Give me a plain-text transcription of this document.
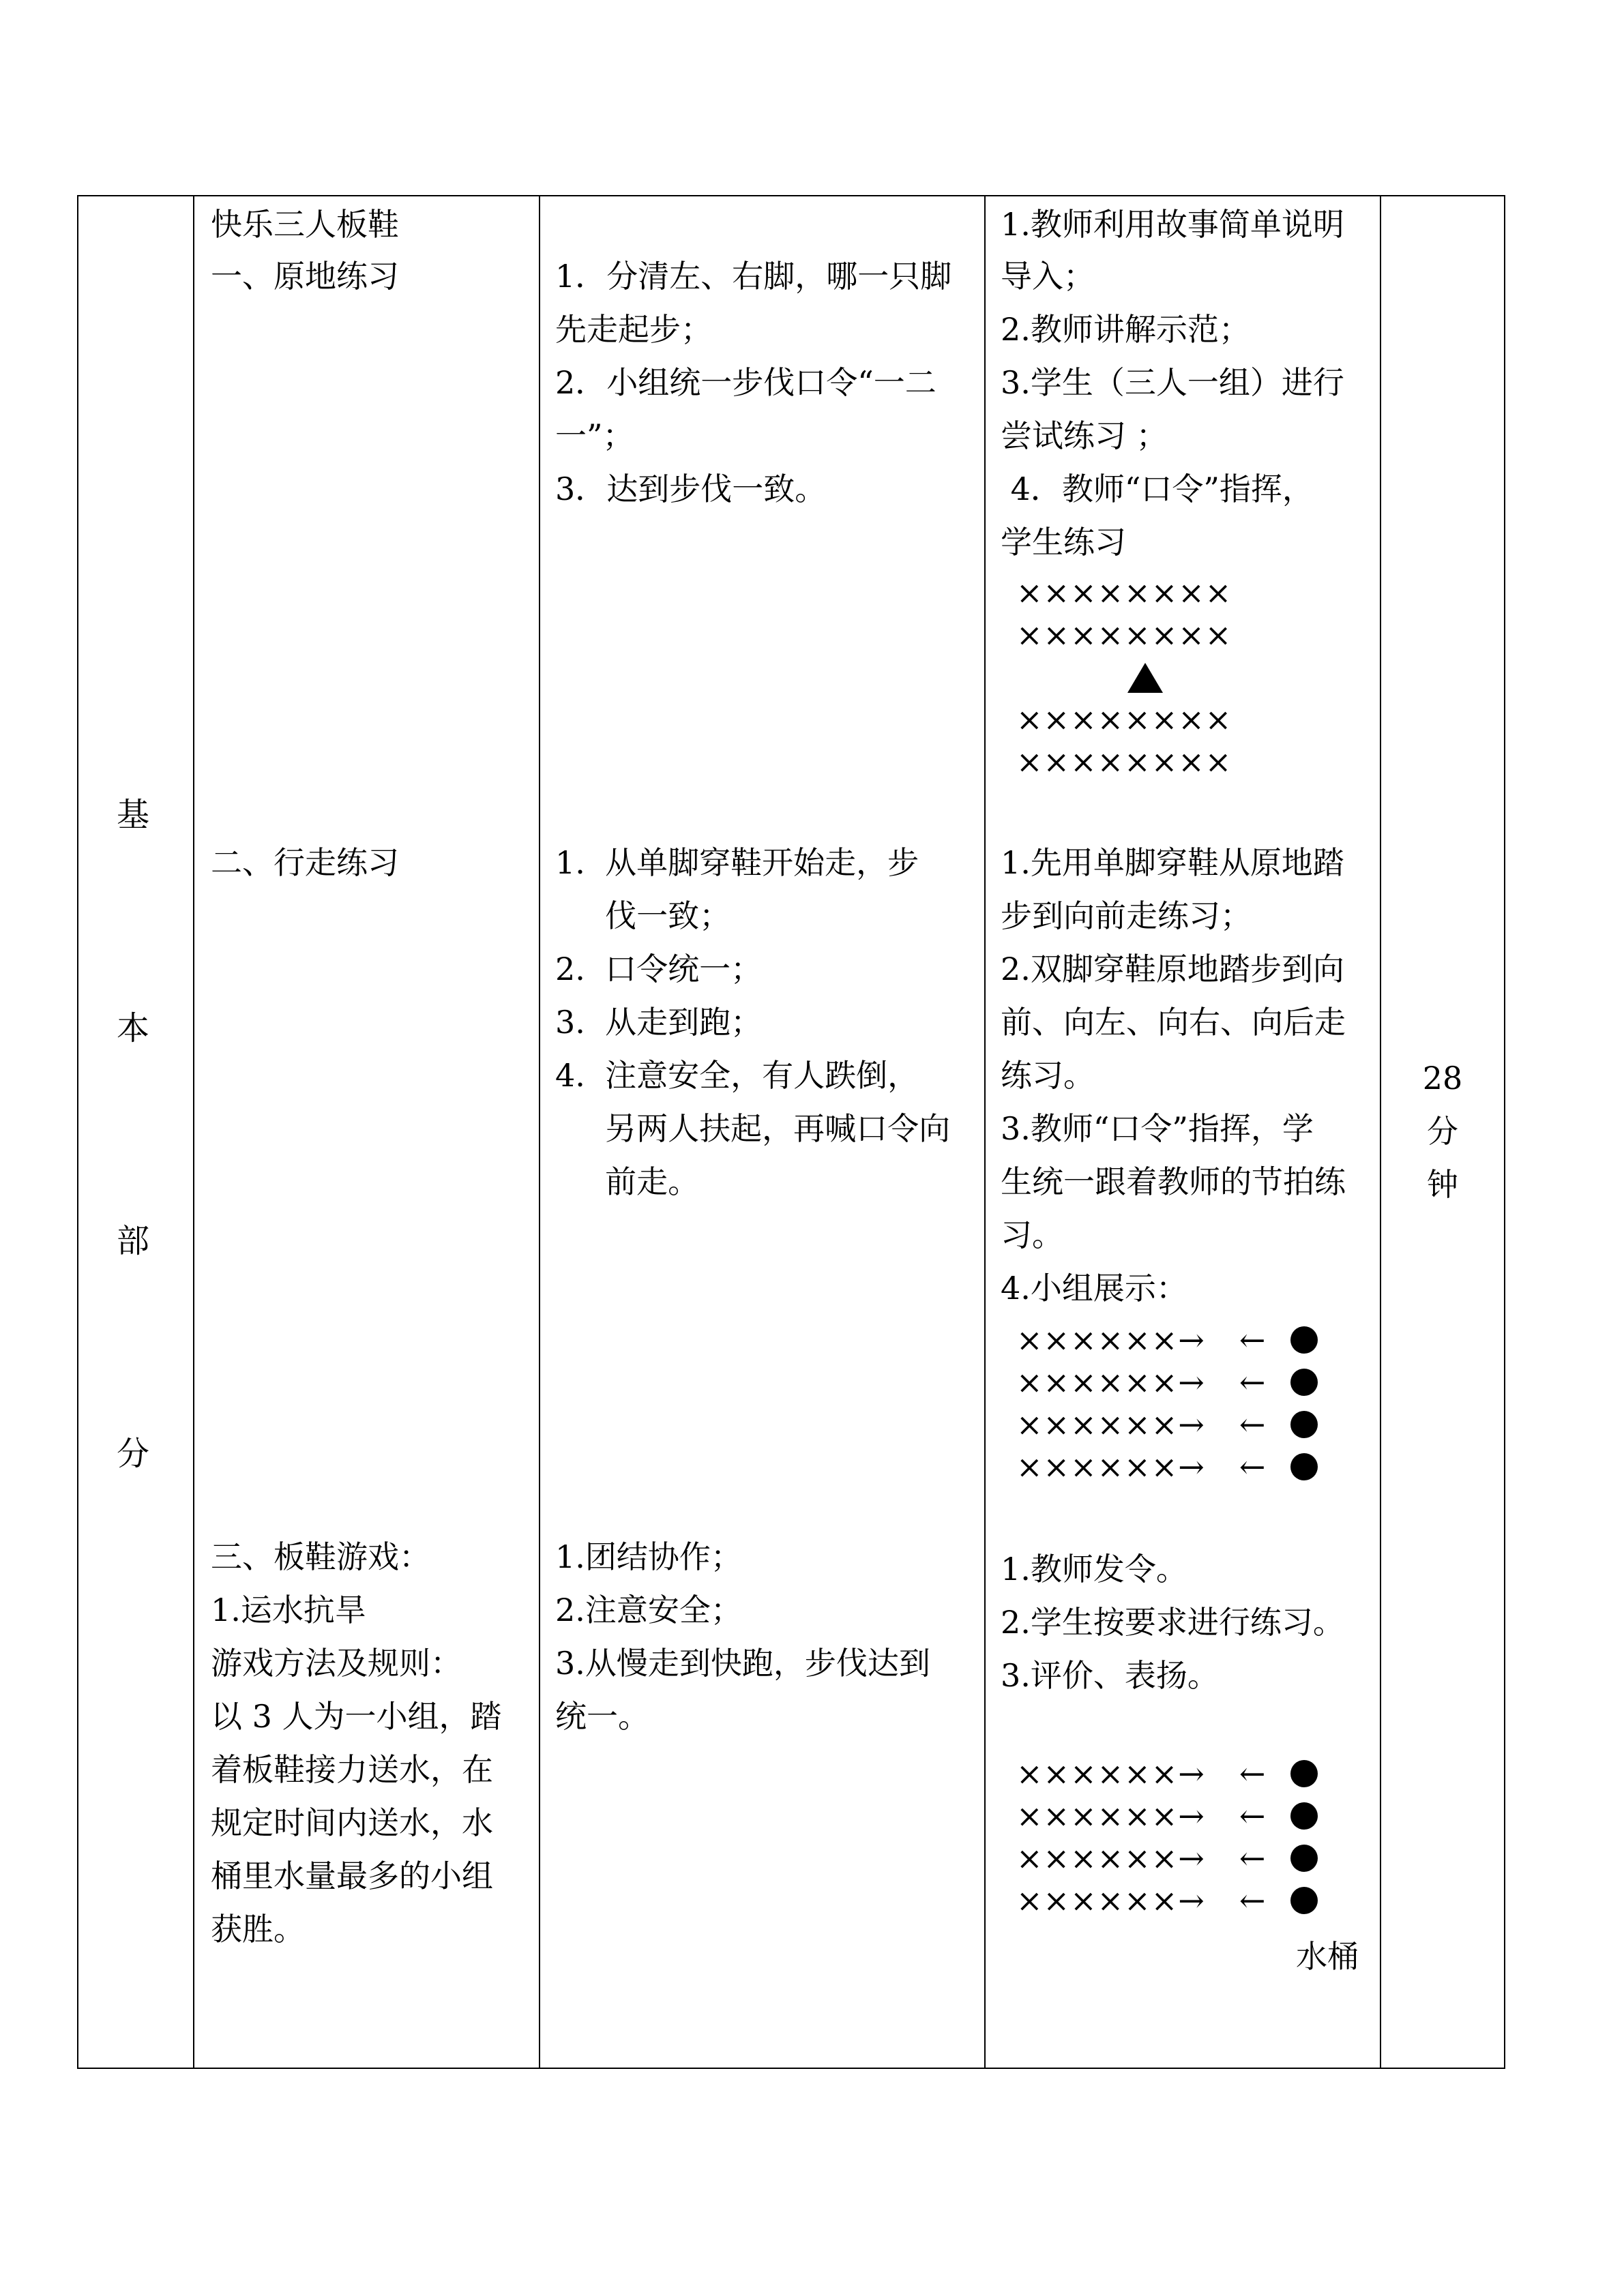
基
本
部
分
快乐三人板鞋
一、原地练习
二、行走练习
三、板鞋游戏：
1.运水抗旱
游戏方法及规则：
以 3 人为一小组，踏
着板鞋接力送水，在
规定时间内送水，水
桶里水量最多的小组
获胜。
1．分清左、右脚，哪一只脚
先走起步；
2．小组统一步伐口令“一二
一”；
3．达到步伐一致。
1.  从单脚穿鞋开始走，步
伐一致；
2.  口令统一；
3.  从走到跑；
4.  注意安全，有人跌倒，
另两人扶起，再喊口令向
前走。
1.团结协作；
2.注意安全；
3.从慢走到快跑，步伐达到
统一。
1.教师利用故事简单说明
导入；
2.教师讲解示范；
3.学生（三人一组）进行
尝试练习 ；
4．教师“口令”指挥，
学生练习
××××××××
××××××××
××××××××
××××××××
1.先用单脚穿鞋从原地踏
步到向前走练习；
2.双脚穿鞋原地踏步到向
前、向左、向右、向后走
练习。
3.教师“口令”指挥，学
生统一跟着教师的节拍练
习。
4.小组展示：
××××××→ ←
××××××→ ←
××××××→ ←
××××××→ ←
1.教师发令。
2.学生按要求进行练习。
3.评价、表扬。
××××××→ ←
××××××→ ←
××××××→ ←
××××××→ ←
水桶
28
分
钟
